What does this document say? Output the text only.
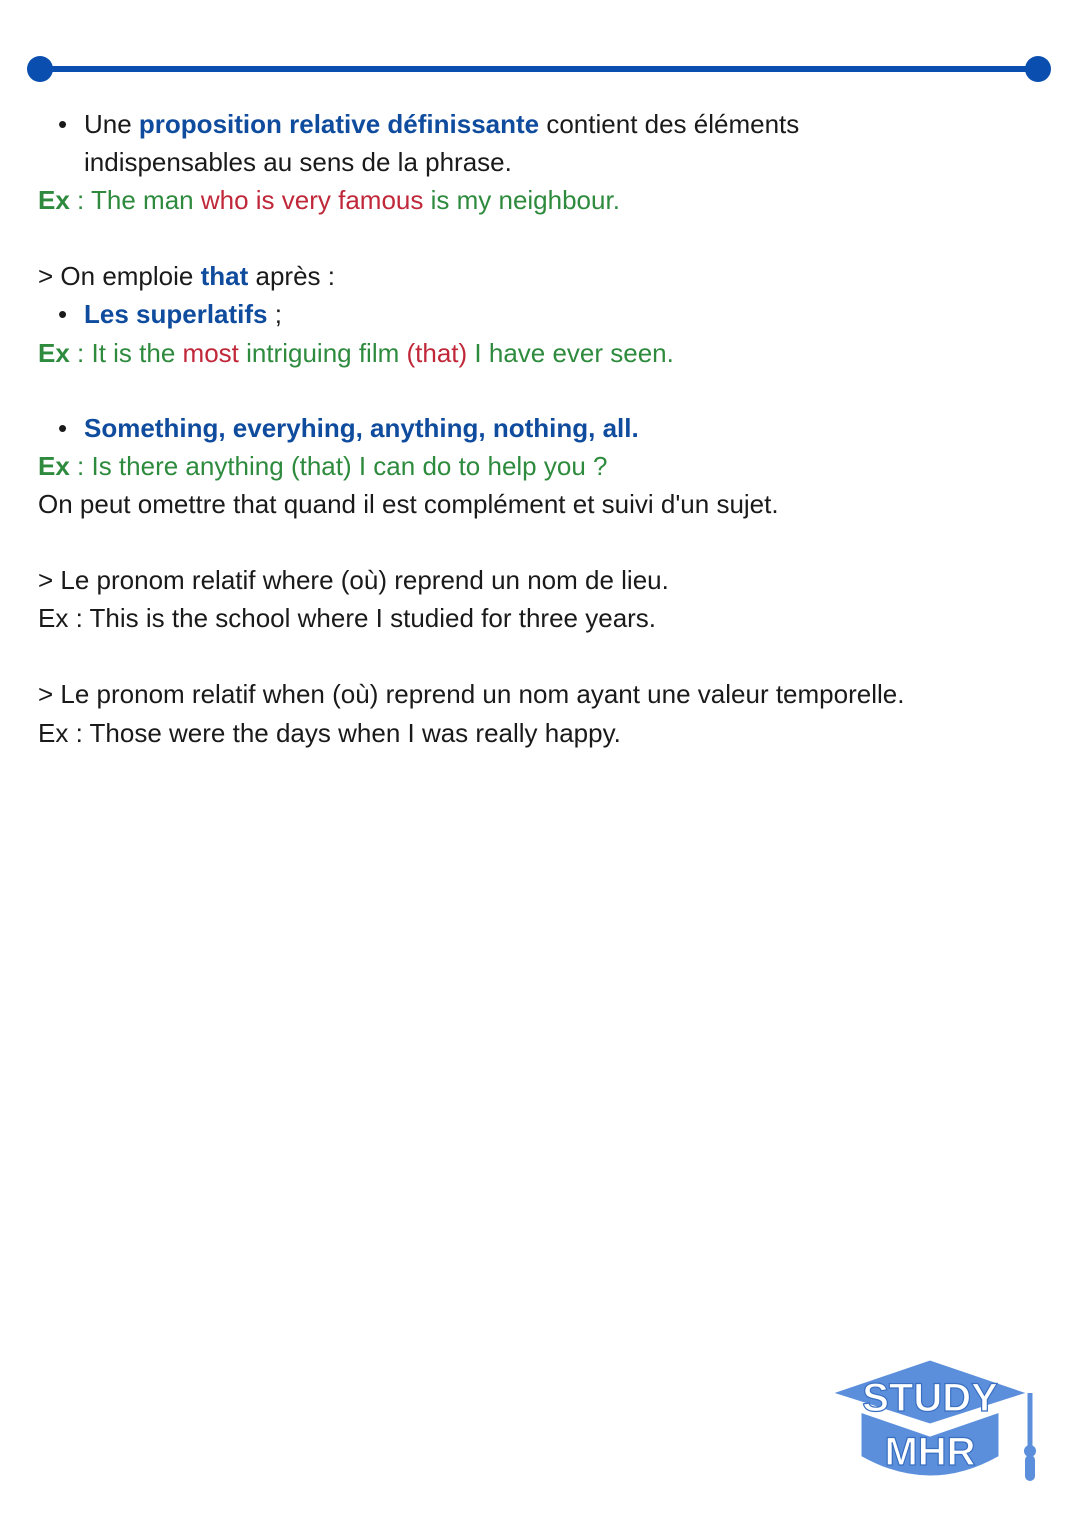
• Une proposition relative définissante contient des éléments
indispensables au sens de la phrase.
Ex : The man who is very famous is my neighbour.
> On emploie that après :
• Les superlatifs ;
Ex : It is the most intriguing film (that) I have ever seen.
• Something, everyhing, anything, nothing, all.
Ex : Is there anything (that) I can do to help you ?
On peut omettre that quand il est complément et suivi d'un sujet.
> Le pronom relatif where (où) reprend un nom de lieu.
Ex : This is the school where I studied for three years.
> Le pronom relatif when (où) reprend un nom ayant une valeur temporelle.
Ex : Those were the days when I was really happy.
STUDY
MHR
